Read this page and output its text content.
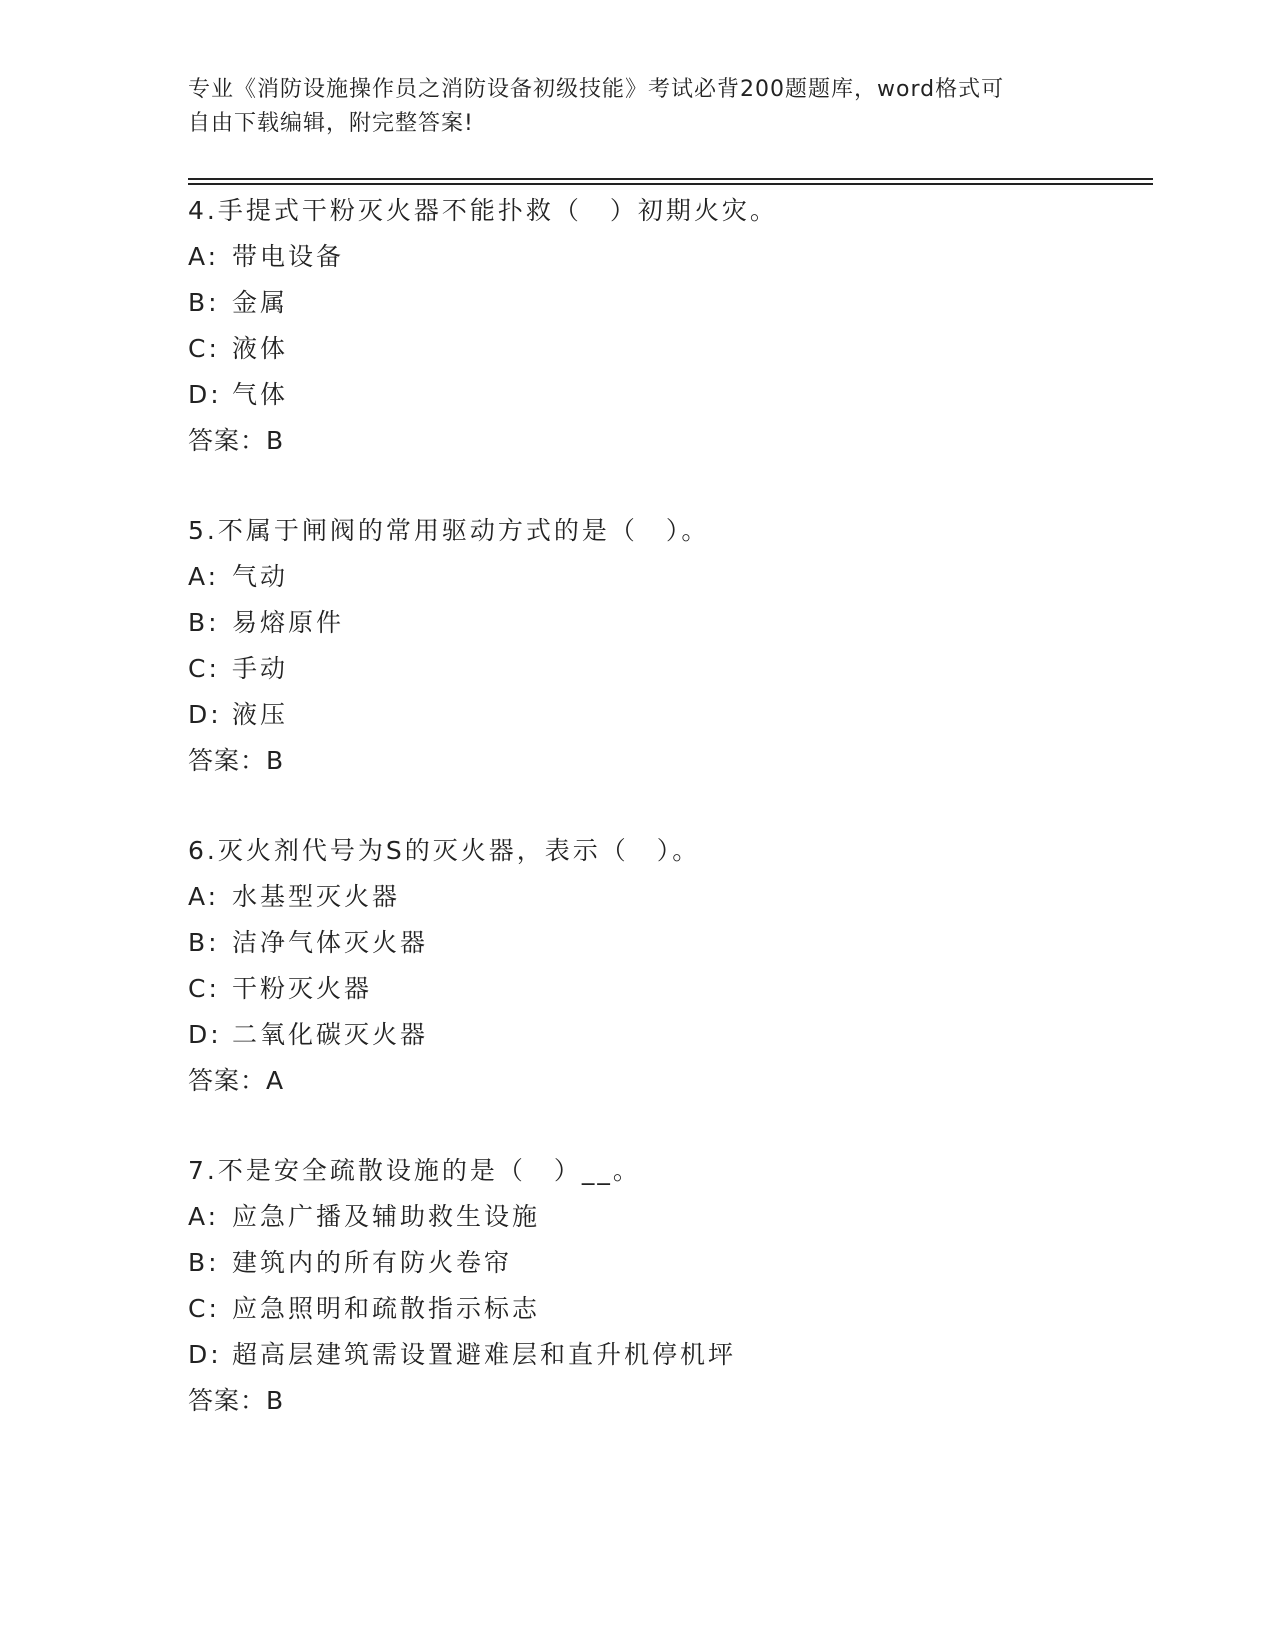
专业《消防设施操作员之消防设备初级技能》考试必背200题题库，word格式可
自由下载编辑，附完整答案!
4.手提式干粉灭火器不能扑救（　）初期火灾。
A: 带电设备
B: 金属
C: 液体
D: 气体
答案：B
5.不属于闸阀的常用驱动方式的是（　）。
A: 气动
B: 易熔原件
C: 手动
D: 液压
答案：B
6.灭火剂代号为S的灭火器，表示（　）。
A: 水基型灭火器
B: 洁净气体灭火器
C: 干粉灭火器
D: 二氧化碳灭火器
答案：A
7.不是安全疏散设施的是（　）__。
A: 应急广播及辅助救生设施
B: 建筑内的所有防火卷帘
C: 应急照明和疏散指示标志
D: 超高层建筑需设置避难层和直升机停机坪
答案：B
